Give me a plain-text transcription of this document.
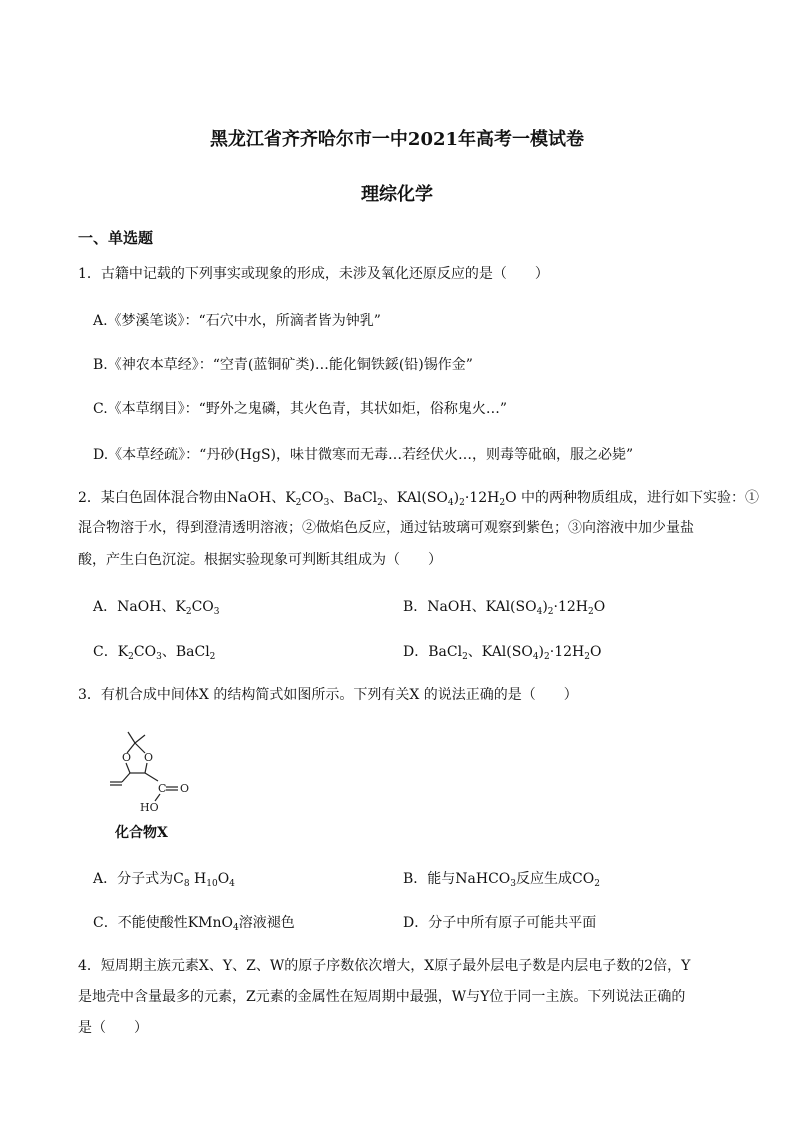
黑龙江省齐齐哈尔市一中2021年高考一模试卷
理综化学
一、单选题
1．古籍中记载的下列事实或现象的形成，未涉及氧化还原反应的是（　　）
A.《梦溪笔谈》：“石穴中水，所滴者皆为钟乳”
B.《神农本草经》：“空青(蓝铜矿类)…能化铜铁鋖(铅)锡作金”
C.《本草纲目》：“野外之鬼磷，其火色青，其状如炬，俗称鬼火…”
D.《本草经疏》：“丹砂(HgS)，味甘微寒而无毒…若经伏火…，则毒等砒硇，服之必毙”
2．某白色固体混合物由NaOH、$K_2CO_3$、BaCl$_2$、$KAl(SO_4)_2\cdot 12H_2O$ 中的两种物质组成，进行如下实验：①
混合物溶于水，得到澄清透明溶液；②做焰色反应，通过钴玻璃可观察到紫色；③向溶液中加少量盐
酸，产生白色沉淀。根据实验现象可判断其组成为（　　）
A．NaOH、$K_2CO_3$	B．NaOH、$KAl(SO_4)_2\cdot 12H_2O$
C．$K_2CO_3$、BaCl$_2$	D．BaCl$_2$、$KAl(SO_4)_2\cdot 12H_2O$
3．有机合成中间体X 的结构简式如图所示。下列有关X 的说法正确的是（　　）
O O
C O
HO
化合物X
A．分子式为$C_8$ $H_{10}O_4$	B．能与NaHCO$_3$反应生成$CO_2$
C．不能使酸性KMnO$_4$溶液褪色	D．分子中所有原子可能共平面
4．短周期主族元素X、Y、Z、W的原子序数依次增大，X原子最外层电子数是内层电子数的2倍，Y
是地壳中含量最多的元素，Z元素的金属性在短周期中最强，W与Y位于同一主族。下列说法正确的
是（　　）
